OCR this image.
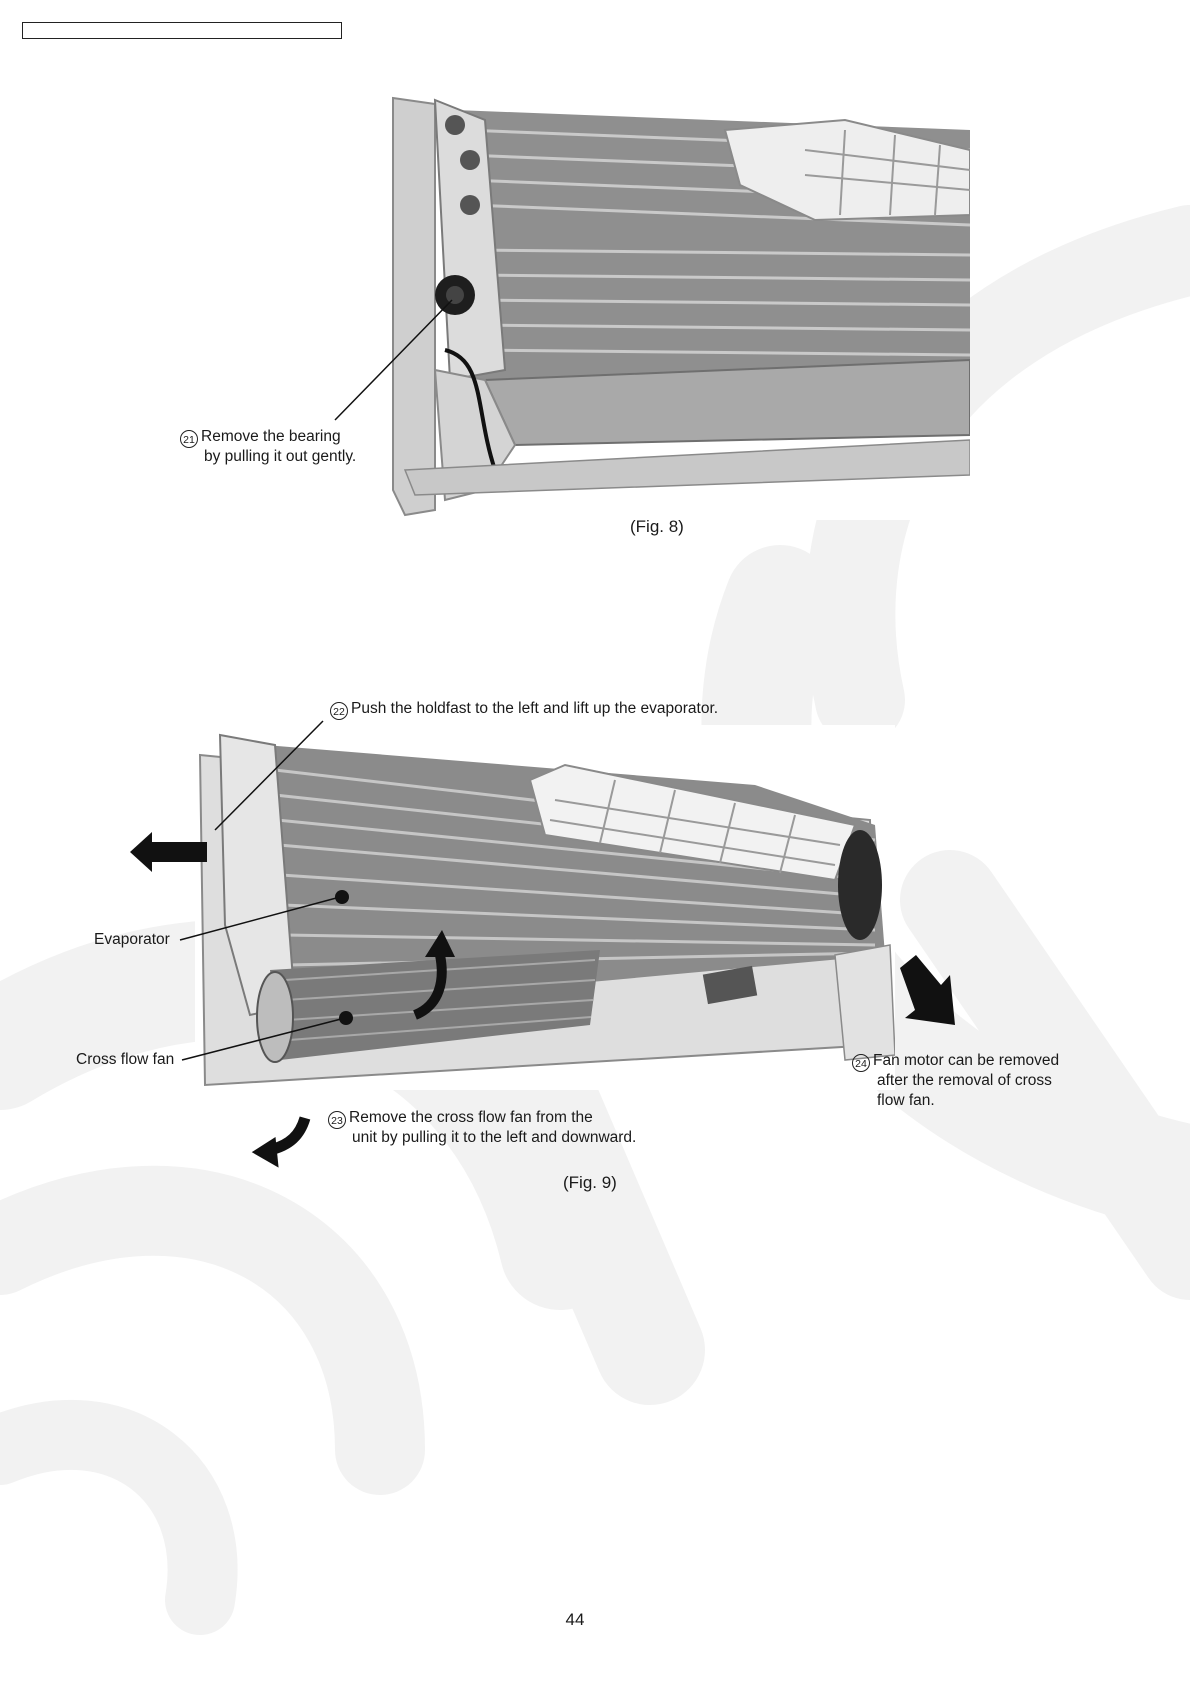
21 Remove the bearing
by pulling it out gently.
(Fig. 8)
22 Push the holdfast to the left and lift up the evaporator.
Evaporator
Cross flow fan
23 Remove the cross flow fan from the
unit by pulling it to the left and downward.
24 Fan motor can be removed
after the removal of cross
flow fan.
(Fig. 9)
44
